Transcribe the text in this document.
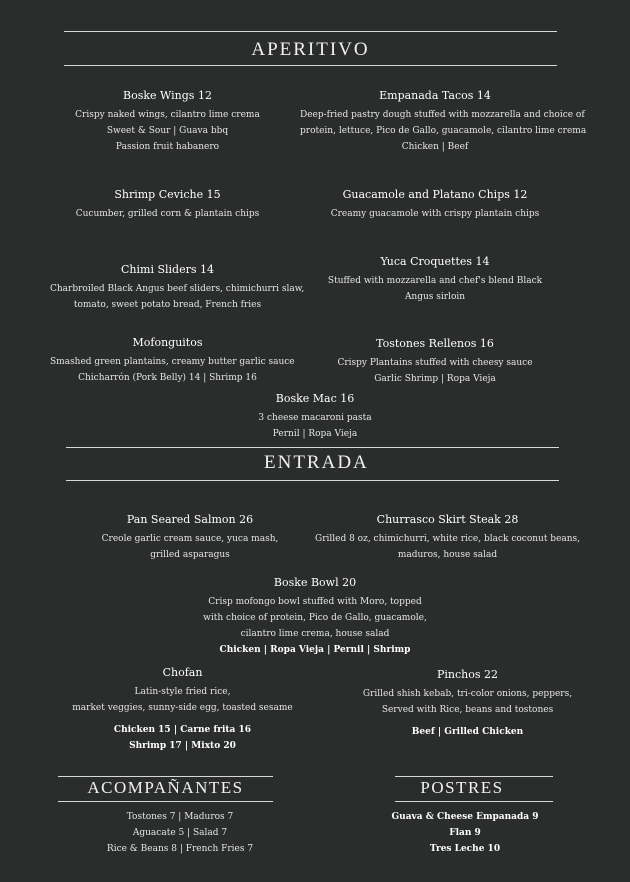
APERITIVO
Boske Wings 12
Crispy naked wings, cilantro lime crema
Sweet & Sour | Guava bbq
Passion fruit habanero
Empanada Tacos 14
Deep-fried pastry dough stuffed with mozzarella and choice of
protein, lettuce, Pico de Gallo, guacamole, cilantro lime crema
Chicken | Beef
Shrimp Ceviche 15
Cucumber, grilled corn & plantain chips
Guacamole and Platano Chips 12
Creamy guacamole with crispy plantain chips
Chimi Sliders 14
Charbroiled Black Angus beef sliders, chimichurri slaw,
tomato, sweet potato bread, French fries
Yuca Croquettes 14
Stuffed with mozzarella and chef's blend Black
Angus sirloin
Mofonguitos
Smashed green plantains, creamy butter garlic sauce
Chicharrón (Pork Belly) 14 | Shrimp 16
Tostones Rellenos 16
Crispy Plantains stuffed with cheesy sauce
Garlic Shrimp | Ropa Vieja
Boske Mac 16
3 cheese macaroni pasta
Pernil | Ropa Vieja
ENTRADA
Pan Seared Salmon 26
Creole garlic cream sauce, yuca mash,
grilled asparagus
Churrasco Skirt Steak 28
Grilled 8 oz, chimichurri, white rice, black coconut beans,
maduros, house salad
Boske Bowl 20
Crisp mofongo bowl stuffed with Moro, topped
with choice of protein, Pico de Gallo, guacamole,
cilantro lime crema, house salad
Chicken | Ropa Vieja | Pernil | Shrimp
Chofan
Latin-style fried rice,
market veggies, sunny-side egg, toasted sesame
Chicken 15 | Carne frita 16
Shrimp 17 | Mixto 20
Pinchos 22
Grilled shish kebab, tri-color onions, peppers,
Served with Rice, beans and tostones
Beef | Grilled Chicken
ACOMPAÑANTES
Tostones 7 | Maduros 7
Aguacate 5 | Salad 7
Rice & Beans 8 | French Fries 7
POSTRES
Guava & Cheese Empanada 9
Flan 9
Tres Leche 10
